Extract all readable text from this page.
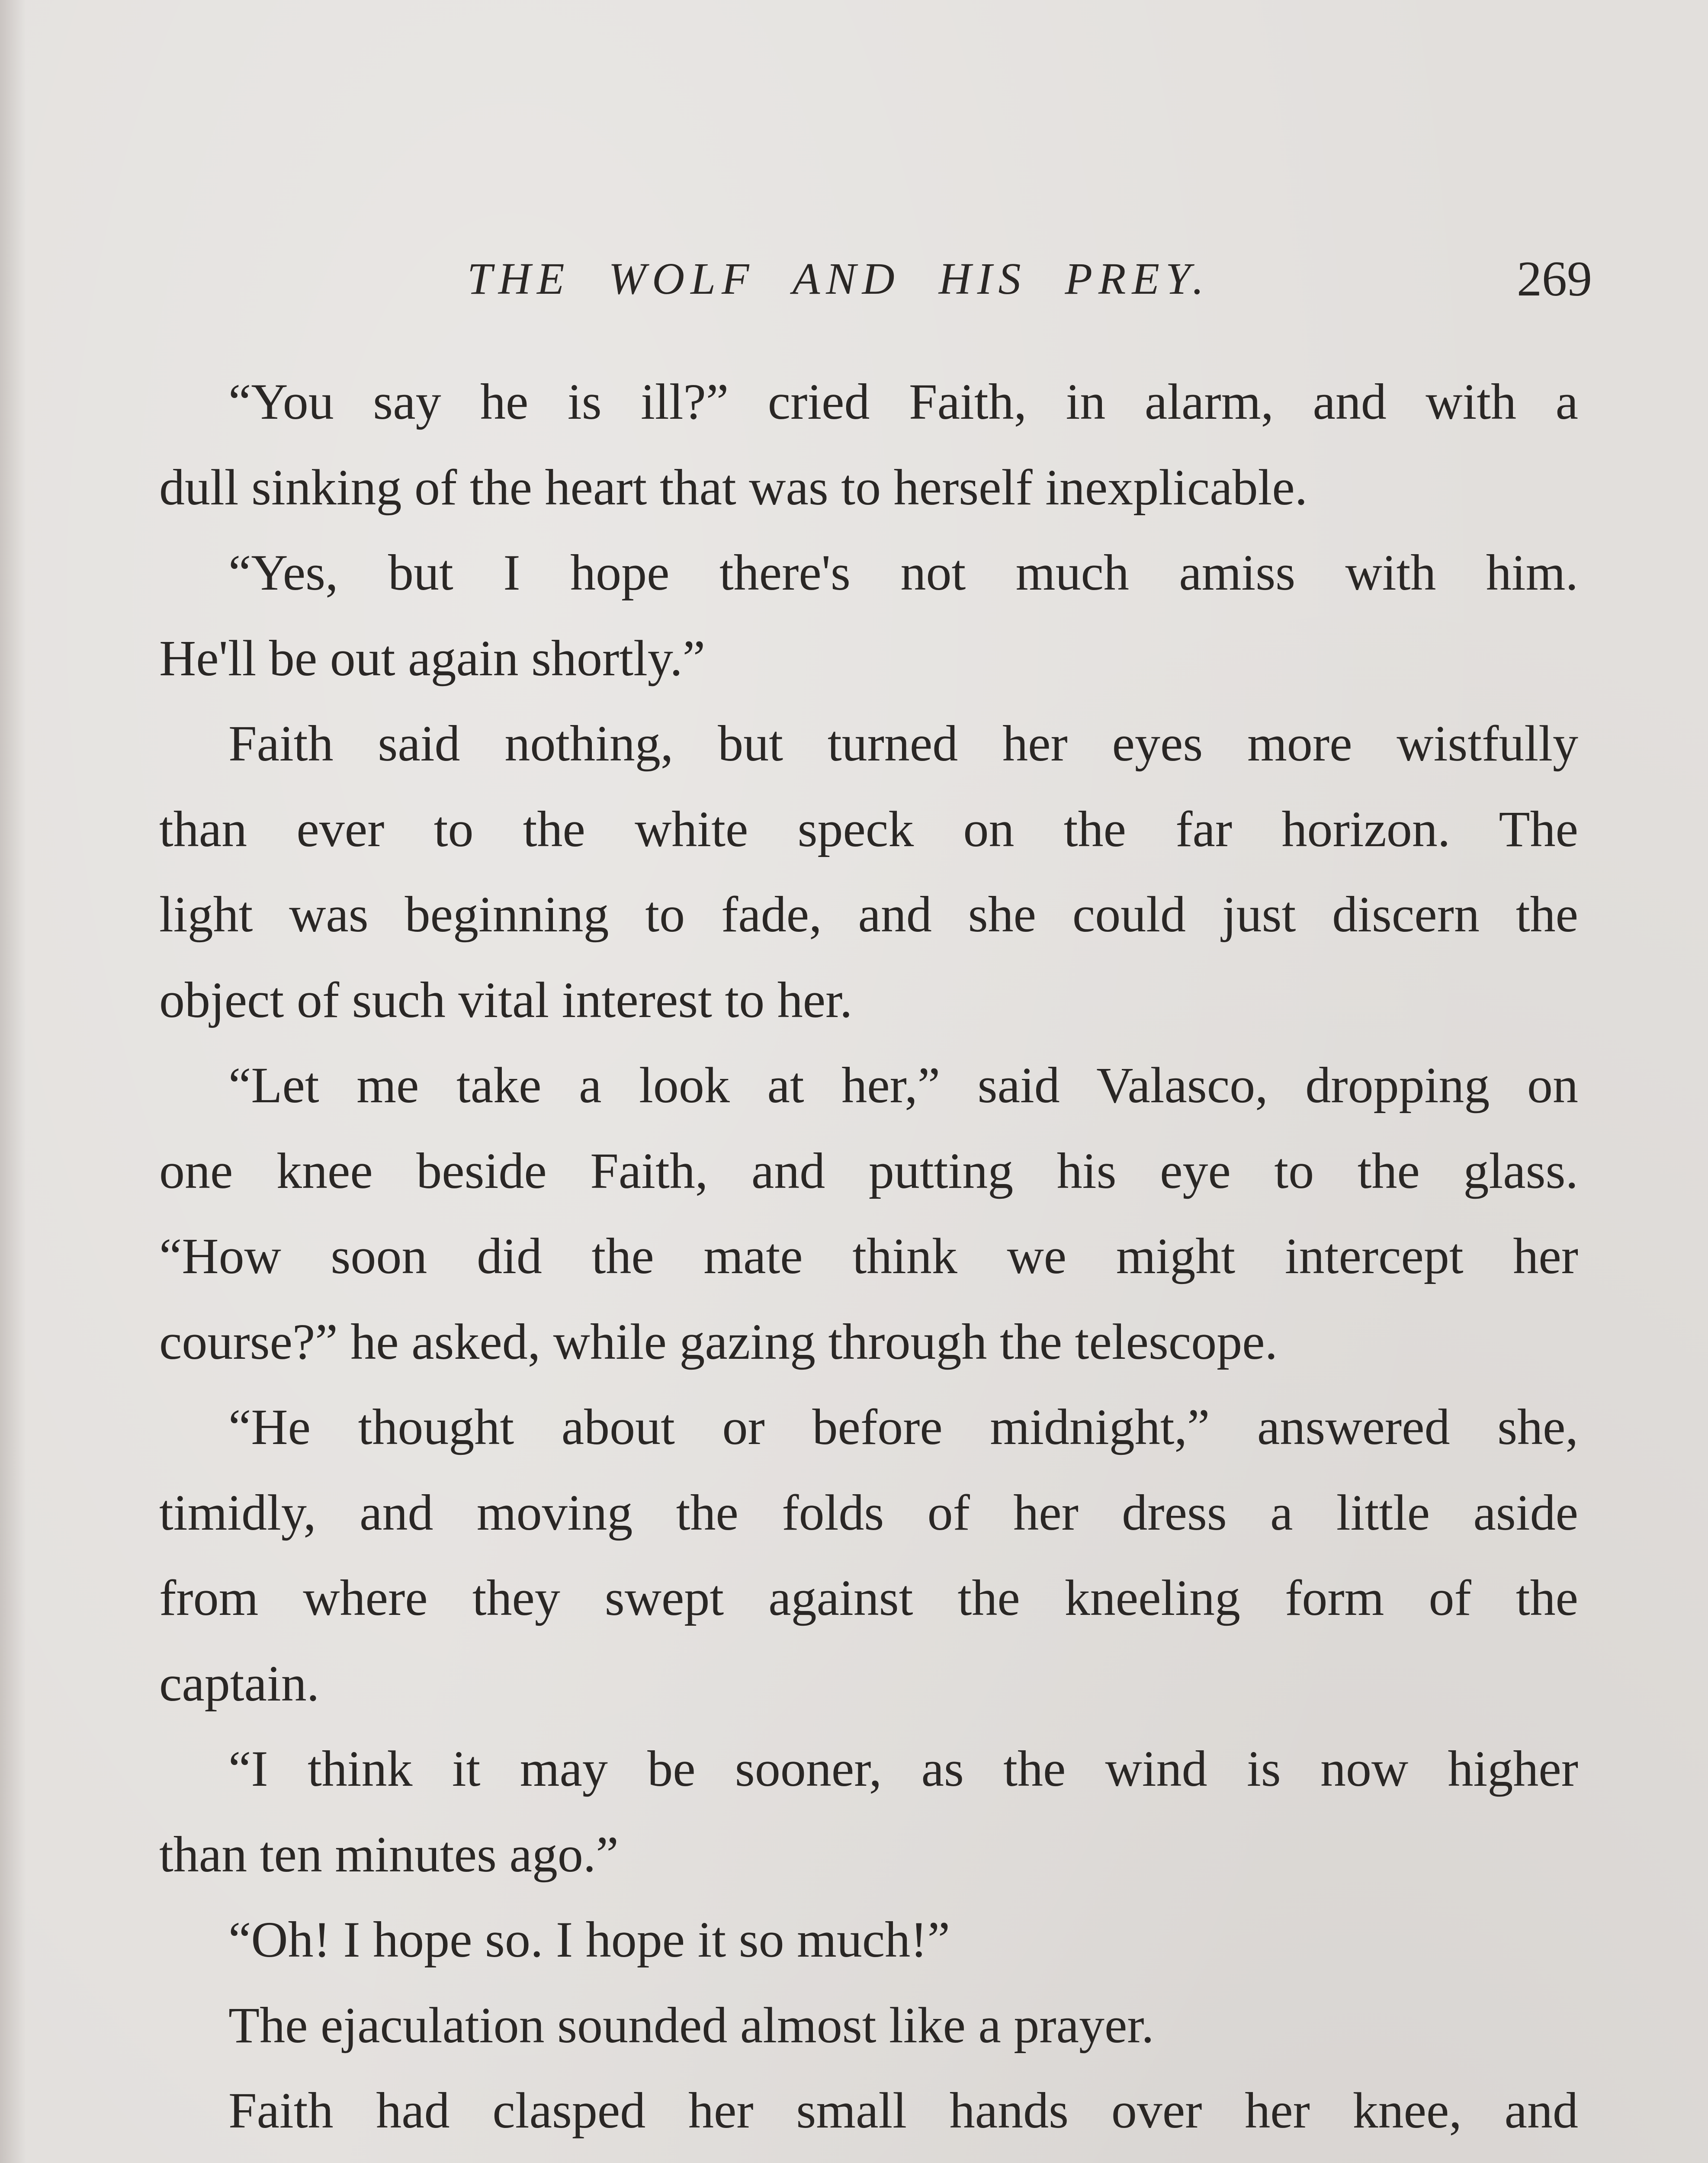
THE WOLF AND HIS PREY.	269
“You say he is ill?” cried Faith, in alarm, and with a
dull sinking of the heart that was to herself inexplicable.
“Yes, but I hope there's not much amiss with him.
He'll be out again shortly.”
Faith said nothing, but turned her eyes more wistfully
than ever to the white speck on the far horizon. The
light was beginning to fade, and she could just discern the
object of such vital interest to her.
“Let me take a look at her,” said Valasco, dropping on
one knee beside Faith, and putting his eye to the glass.
“How soon did the mate think we might intercept her
course?” he asked, while gazing through the telescope.
“He thought about or before midnight,” answered she,
timidly, and moving the folds of her dress a little aside
from where they swept against the kneeling form of the
captain.
“I think it may be sooner, as the wind is now higher
than ten minutes ago.”
“Oh! I hope so. I hope it so much!”
The ejaculation sounded almost like a prayer.
Faith had clasped her small hands over her knee, and
